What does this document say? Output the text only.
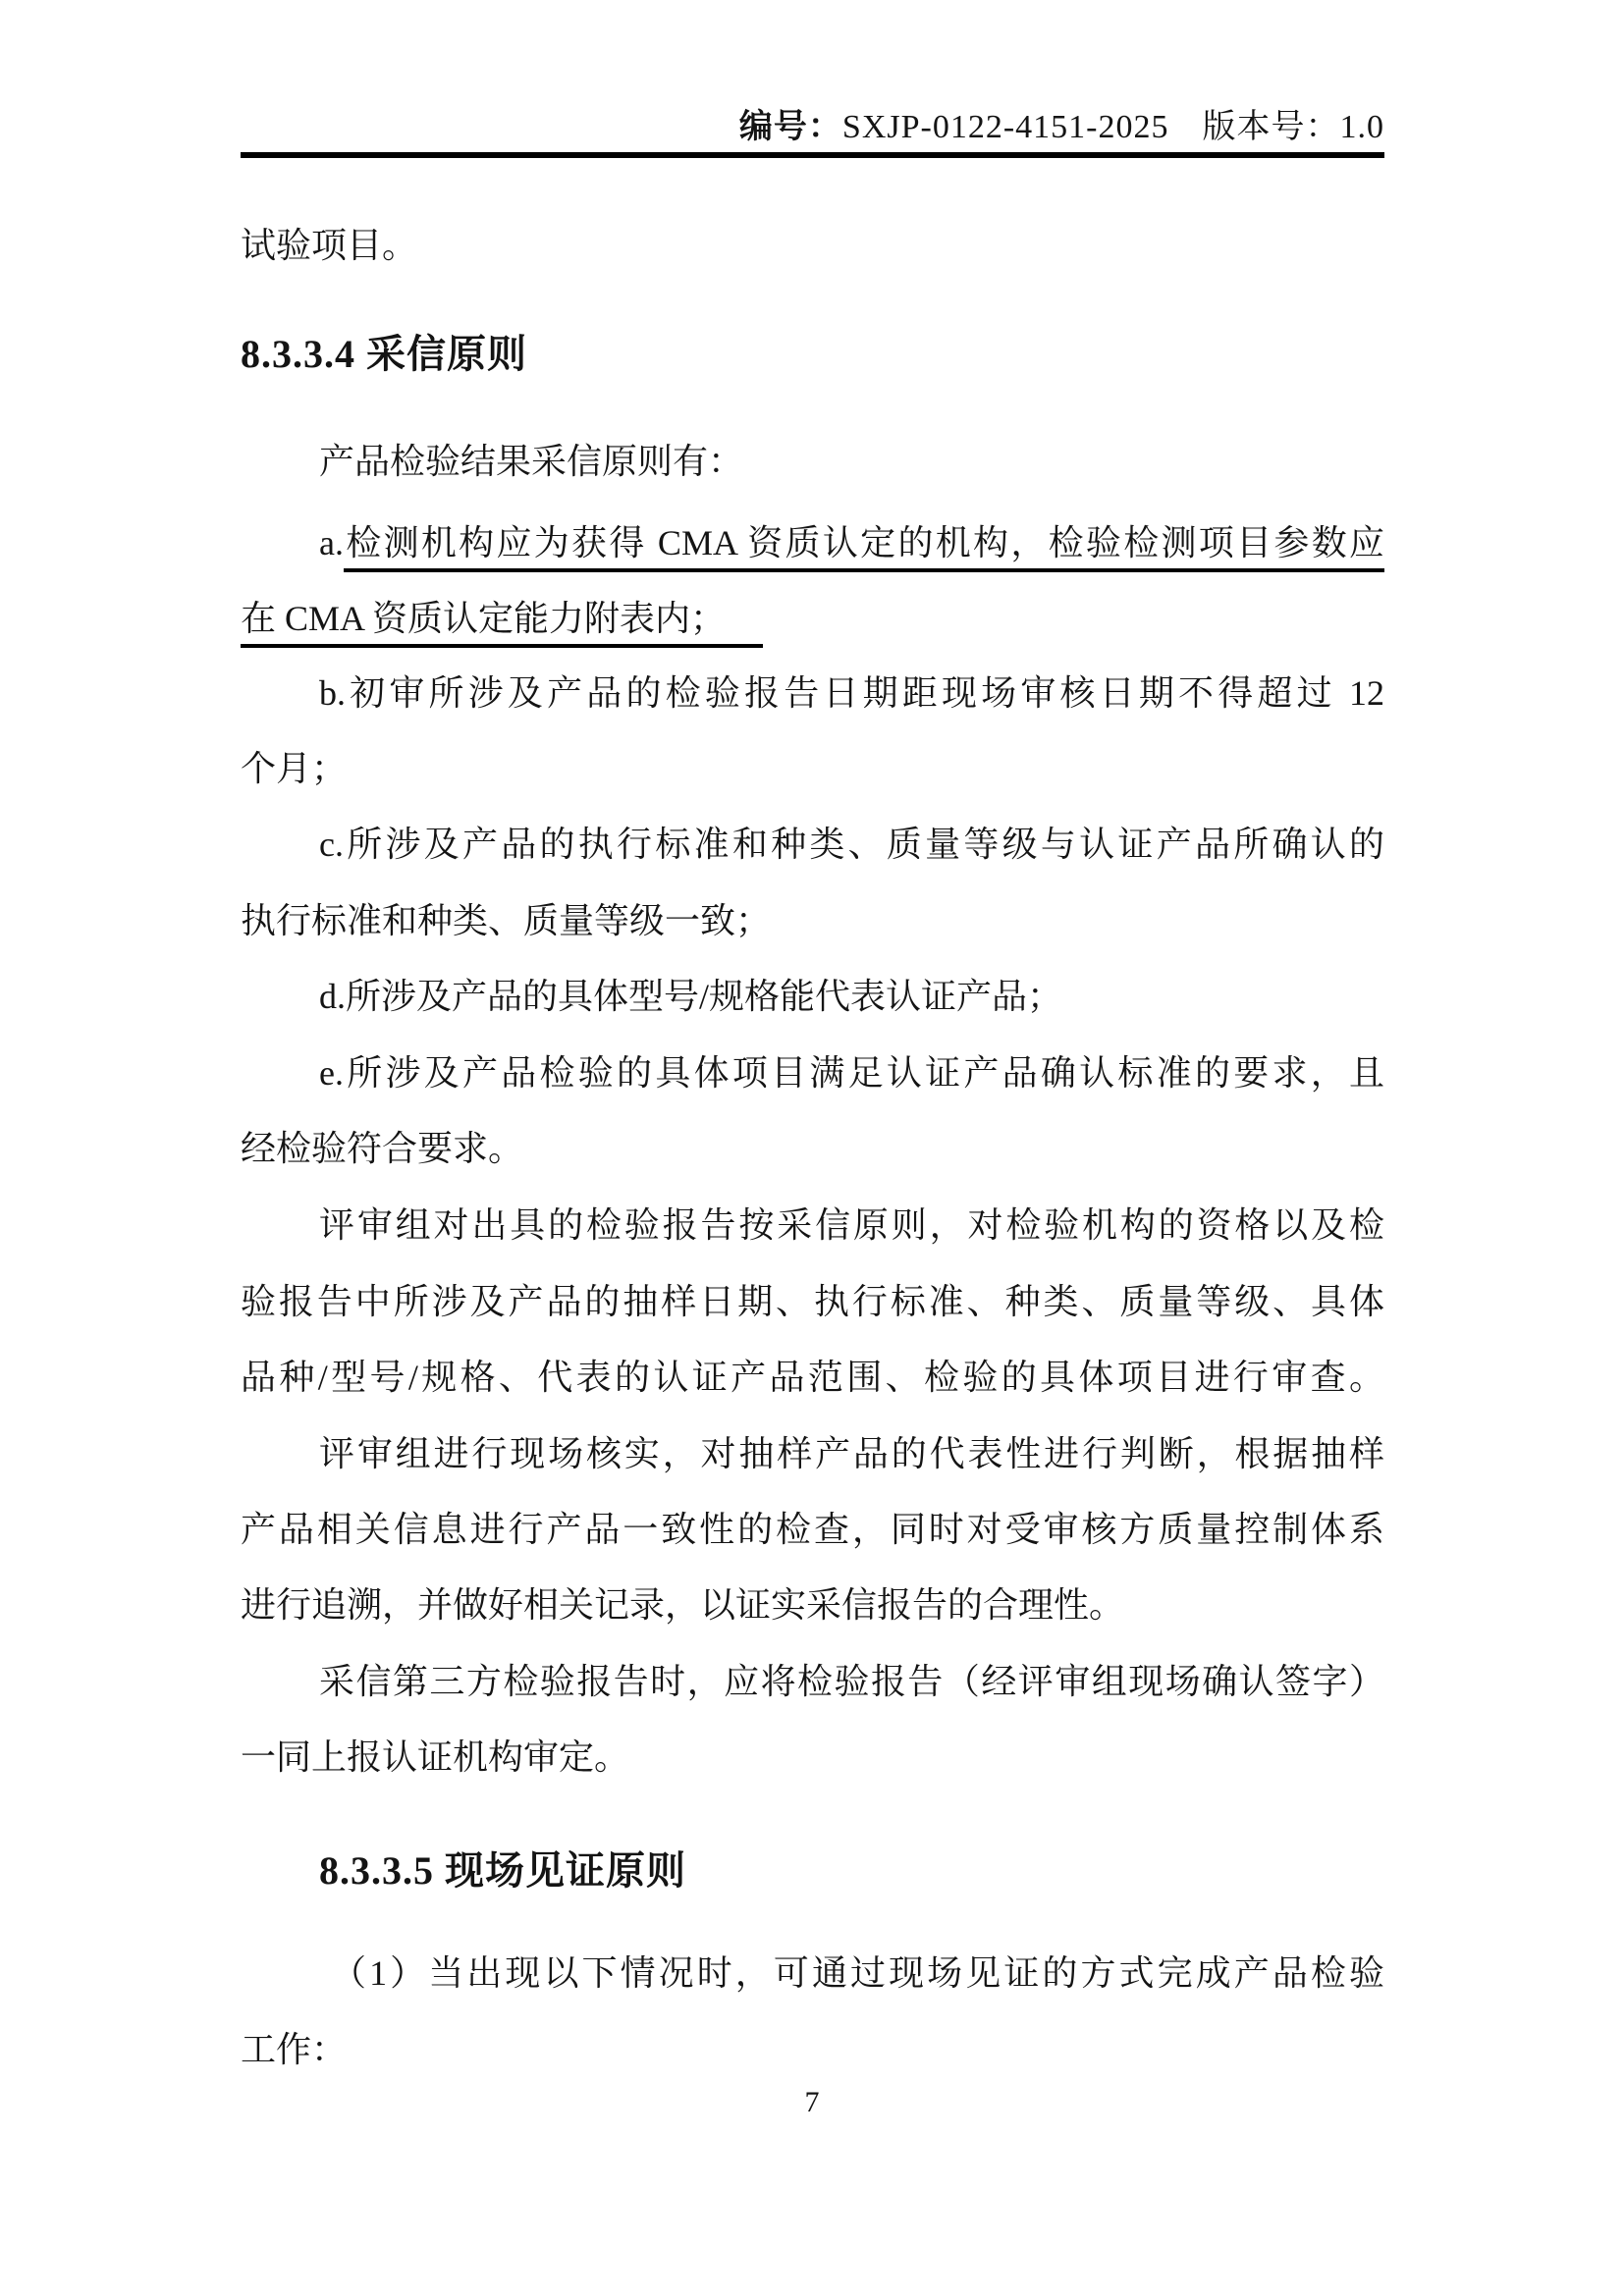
编号：SXJP-0122-4151-2025 版本号：1.0
试验项目。
8.3.3.4 采信原则
产品检验结果采信原则有：
a.检测机构应为获得 CMA 资质认定的机构，检验检测项目参数应
在 CMA 资质认定能力附表内；
b.初审所涉及产品的检验报告日期距现场审核日期不得超过 12
个月；
c.所涉及产品的执行标准和种类、质量等级与认证产品所确认的
执行标准和种类、质量等级一致；
d.所涉及产品的具体型号/规格能代表认证产品；
e.所涉及产品检验的具体项目满足认证产品确认标准的要求，且
经检验符合要求。
评审组对出具的检验报告按采信原则，对检验机构的资格以及检
验报告中所涉及产品的抽样日期、执行标准、种类、质量等级、具体
品种/型号/规格、代表的认证产品范围、检验的具体项目进行审查。
评审组进行现场核实，对抽样产品的代表性进行判断，根据抽样
产品相关信息进行产品一致性的检查，同时对受审核方质量控制体系
进行追溯，并做好相关记录，以证实采信报告的合理性。
采信第三方检验报告时，应将检验报告（经评审组现场确认签字）
一同上报认证机构审定。
8.3.3.5 现场见证原则
（1）当出现以下情况时，可通过现场见证的方式完成产品检验
工作：
7
